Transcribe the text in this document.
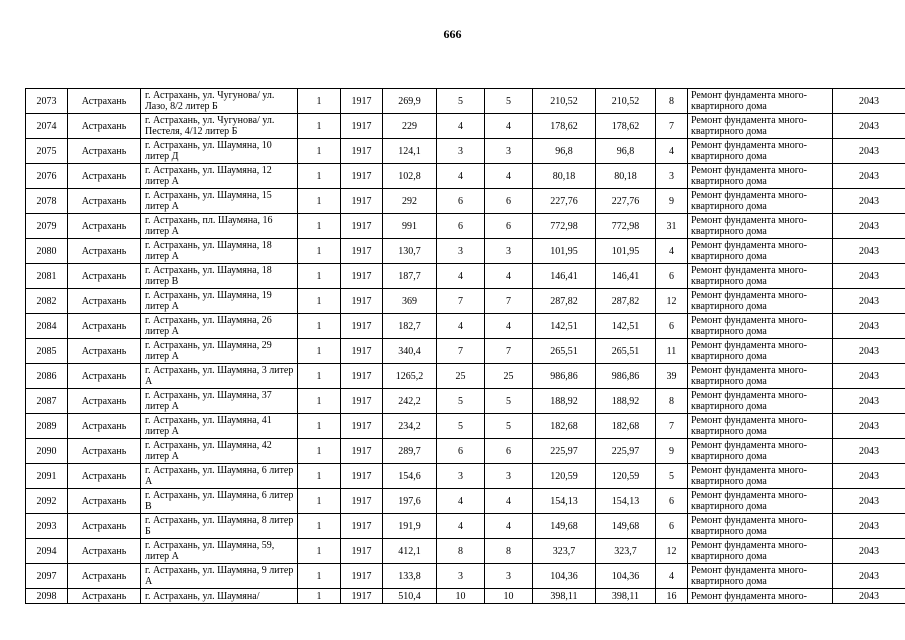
666
2073	Астрахань	г. Астрахань, ул. Чугунова/ ул. Лазо, 8/2 литер Б	1	1917	269,9	5	5	210,52	210,52	8	Ремонт фундамента много-квартирного дома	2043
2074	Астрахань	г. Астрахань, ул. Чугунова/ ул. Пестеля, 4/12 литер Б	1	1917	229	4	4	178,62	178,62	7	Ремонт фундамента много-квартирного дома	2043
2075	Астрахань	г. Астрахань, ул. Шаумяна, 10 литер Д	1	1917	124,1	3	3	96,8	96,8	4	Ремонт фундамента много-квартирного дома	2043
2076	Астрахань	г. Астрахань, ул. Шаумяна, 12 литер А	1	1917	102,8	4	4	80,18	80,18	3	Ремонт фундамента много-квартирного дома	2043
2078	Астрахань	г. Астрахань, ул. Шаумяна, 15 литер А	1	1917	292	6	6	227,76	227,76	9	Ремонт фундамента много-квартирного дома	2043
2079	Астрахань	г. Астрахань, пл. Шаумяна, 16 литер А	1	1917	991	6	6	772,98	772,98	31	Ремонт фундамента много-квартирного дома	2043
2080	Астрахань	г. Астрахань, ул. Шаумяна, 18 литер А	1	1917	130,7	3	3	101,95	101,95	4	Ремонт фундамента много-квартирного дома	2043
2081	Астрахань	г. Астрахань, ул. Шаумяна, 18 литер В	1	1917	187,7	4	4	146,41	146,41	6	Ремонт фундамента много-квартирного дома	2043
2082	Астрахань	г. Астрахань, ул. Шаумяна, 19 литер А	1	1917	369	7	7	287,82	287,82	12	Ремонт фундамента много-квартирного дома	2043
2084	Астрахань	г. Астрахань, ул. Шаумяна, 26 литер А	1	1917	182,7	4	4	142,51	142,51	6	Ремонт фундамента много-квартирного дома	2043
2085	Астрахань	г. Астрахань, ул. Шаумяна, 29 литер А	1	1917	340,4	7	7	265,51	265,51	11	Ремонт фундамента много-квартирного дома	2043
2086	Астрахань	г. Астрахань, ул. Шаумяна, 3 литер А	1	1917	1265,2	25	25	986,86	986,86	39	Ремонт фундамента много-квартирного дома	2043
2087	Астрахань	г. Астрахань, ул. Шаумяна, 37 литер А	1	1917	242,2	5	5	188,92	188,92	8	Ремонт фундамента много-квартирного дома	2043
2089	Астрахань	г. Астрахань, ул. Шаумяна, 41 литер А	1	1917	234,2	5	5	182,68	182,68	7	Ремонт фундамента много-квартирного дома	2043
2090	Астрахань	г. Астрахань, ул. Шаумяна, 42 литер А	1	1917	289,7	6	6	225,97	225,97	9	Ремонт фундамента много-квартирного дома	2043
2091	Астрахань	г. Астрахань, ул. Шаумяна, 6 литер А	1	1917	154,6	3	3	120,59	120,59	5	Ремонт фундамента много-квартирного дома	2043
2092	Астрахань	г. Астрахань, ул. Шаумяна, 6 литер В	1	1917	197,6	4	4	154,13	154,13	6	Ремонт фундамента много-квартирного дома	2043
2093	Астрахань	г. Астрахань, ул. Шаумяна, 8 литер Б	1	1917	191,9	4	4	149,68	149,68	6	Ремонт фундамента много-квартирного дома	2043
2094	Астрахань	г. Астрахань, ул. Шаумяна, 59, литер А	1	1917	412,1	8	8	323,7	323,7	12	Ремонт фундамента много-квартирного дома	2043
2097	Астрахань	г. Астрахань, ул. Шаумяна, 9 литер А	1	1917	133,8	3	3	104,36	104,36	4	Ремонт фундамента много-квартирного дома	2043
2098	Астрахань	г. Астрахань, ул. Шаумяна/	1	1917	510,4	10	10	398,11	398,11	16	Ремонт фундамента много-	2043
